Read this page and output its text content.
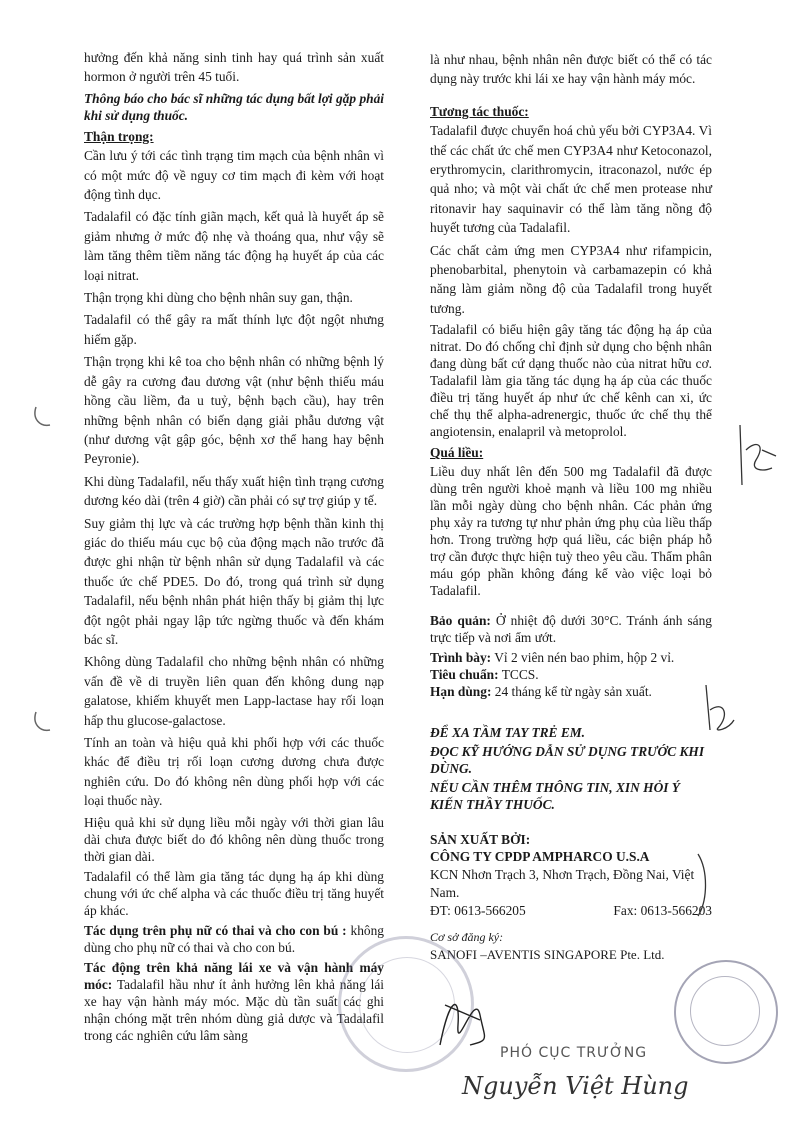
hưởng đến khả năng sinh tinh hay quá trình sản xuất hormon ở người trên 45 tuổi.

Thông báo cho bác sĩ những tác dụng bất lợi gặp phải khi sử dụng thuốc.

Thận trọng:

Cần lưu ý tới các tình trạng tim mạch của bệnh nhân vì có một mức độ về nguy cơ tim mạch đi kèm với hoạt động tình dục.

Tadalafil có đặc tính giãn mạch, kết quả là huyết áp sẽ giảm nhưng ở mức độ nhẹ và thoáng qua, như vậy sẽ làm tăng thêm tiềm năng tác động hạ huyết áp của các loại nitrat.

Thận trọng khi dùng cho bệnh nhân suy gan, thận.

Tadalafil có thể gây ra mất thính lực đột ngột nhưng hiếm gặp.

Thận trọng khi kê toa cho bệnh nhân có những bệnh lý dễ gây ra cương đau dương vật (như bệnh thiếu máu hồng cầu liềm, đa u tuỷ, bệnh bạch cầu), hay trên những bệnh nhân có biến dạng giải phẫu dương vật (như dương vật gập góc, bệnh xơ thể hang hay bệnh Peyronie).

Khi dùng Tadalafil, nếu thấy xuất hiện tình trạng cương dương kéo dài (trên 4 giờ) cần phải có sự trợ giúp y tế.

Suy giảm thị lực và các trường hợp bệnh thần kinh thị giác do thiếu máu cục bộ của động mạch não trước đã được ghi nhận từ bệnh nhân sử dụng Tadalafil và các thuốc ức chế PDE5. Do đó, trong quá trình sử dụng Tadalafil, nếu bệnh nhân phát hiện thấy bị giảm thị lực đột ngột phải ngay lập tức ngừng thuốc và đến khám bác sĩ.

Không dùng Tadalafil cho những bệnh nhân có những vấn đề về di truyền liên quan đến không dung nạp galatose, khiếm khuyết men Lapp-lactase hay rối loạn hấp thu glucose-galactose.

Tính an toàn và hiệu quả khi phối hợp với các thuốc khác để điều trị rối loạn cương dương chưa được nghiên cứu. Do đó không nên dùng phối hợp với các loại thuốc này.

Hiệu quả khi sử dụng liều mỗi ngày với thời gian lâu dài chưa được biết do đó không nên dùng thuốc trong thời gian dài.

Tadalafil có thể làm gia tăng tác dụng hạ áp khi dùng chung với ức chế alpha và các thuốc điều trị tăng huyết áp khác.

Tác dụng trên phụ nữ có thai và cho con bú : không dùng cho phụ nữ có thai và cho con bú.

Tác động trên khả năng lái xe và vận hành máy móc: Tadalafil hầu như ít ảnh hưởng lên khả năng lái xe hay vận hành máy móc. Mặc dù tần suất các ghi nhận chóng mặt trên nhóm dùng giả dược và Tadalafil trong các nghiên cứu lâm sàng

là như nhau, bệnh nhân nên được biết có thể có tác dụng này trước khi lái xe hay vận hành máy móc.

Tương tác thuốc:

Tadalafil được chuyển hoá chủ yếu bởi CYP3A4. Vì thế các chất ức chế men CYP3A4 như Ketoconazol, erythromycin, clarithromycin, itraconazol, nước ép quả nho; và một vài chất ức chế men protease như ritonavir hay saquinavir có thể làm tăng nồng độ huyết tương của Tadalafil.

Các chất cảm ứng men CYP3A4 như rifampicin, phenobarbital, phenytoin và carbamazepin có khả năng làm giảm nồng độ của Tadalafil trong huyết tương.

Tadalafil có biểu hiện gây tăng tác động hạ áp của nitrat. Do đó chống chỉ định sử dụng cho bệnh nhân đang dùng bất cứ dạng thuốc nào của nitrat hữu cơ. Tadalafil làm gia tăng tác dụng hạ áp của các thuốc điều trị tăng huyết áp như ức chế kênh can xi, ức chế thụ thể alpha-adrenergic, thuốc ức chế thụ thể angiotensin, enalapril và metoprolol.

Quá liều:

Liều duy nhất lên đến 500 mg Tadalafil đã được dùng trên người khoẻ mạnh và liều 100 mg nhiều lần mỗi ngày dùng cho bệnh nhân. Các phản ứng phụ xảy ra tương tự như phản ứng phụ của liều thấp hơn. Trong trường hợp quá liều, các biện pháp hỗ trợ cần được thực hiện tuỳ theo yêu cầu. Thẩm phân máu góp phần không đáng kể vào việc loại bỏ Tadalafil.

Bảo quản: Ở nhiệt độ dưới 30°C. Tránh ánh sáng trực tiếp và nơi ẩm ướt.

Trình bày: Vỉ 2 viên nén bao phim, hộp 2 vỉ.

Tiêu chuẩn: TCCS.

Hạn dùng: 24 tháng kể từ ngày sản xuất.

ĐỂ XA TẦM TAY TRẺ EM.

ĐỌC KỸ HƯỚNG DẪN SỬ DỤNG TRƯỚC KHI DÙNG.

NẾU CẦN THÊM THÔNG TIN, XIN HỎI Ý KIẾN THẦY THUỐC.

SẢN XUẤT BỞI:

CÔNG TY CPDP AMPHARCO U.S.A

KCN Nhơn Trạch 3, Nhơn Trạch, Đồng Nai, Việt Nam.

ĐT: 0613-566205	Fax: 0613-566203
Cơ sở đăng ký:
SANOFI –AVENTIS SINGAPORE Pte. Ltd.
PHÓ CỤC TRƯỞNG
Nguyễn Việt Hùng
